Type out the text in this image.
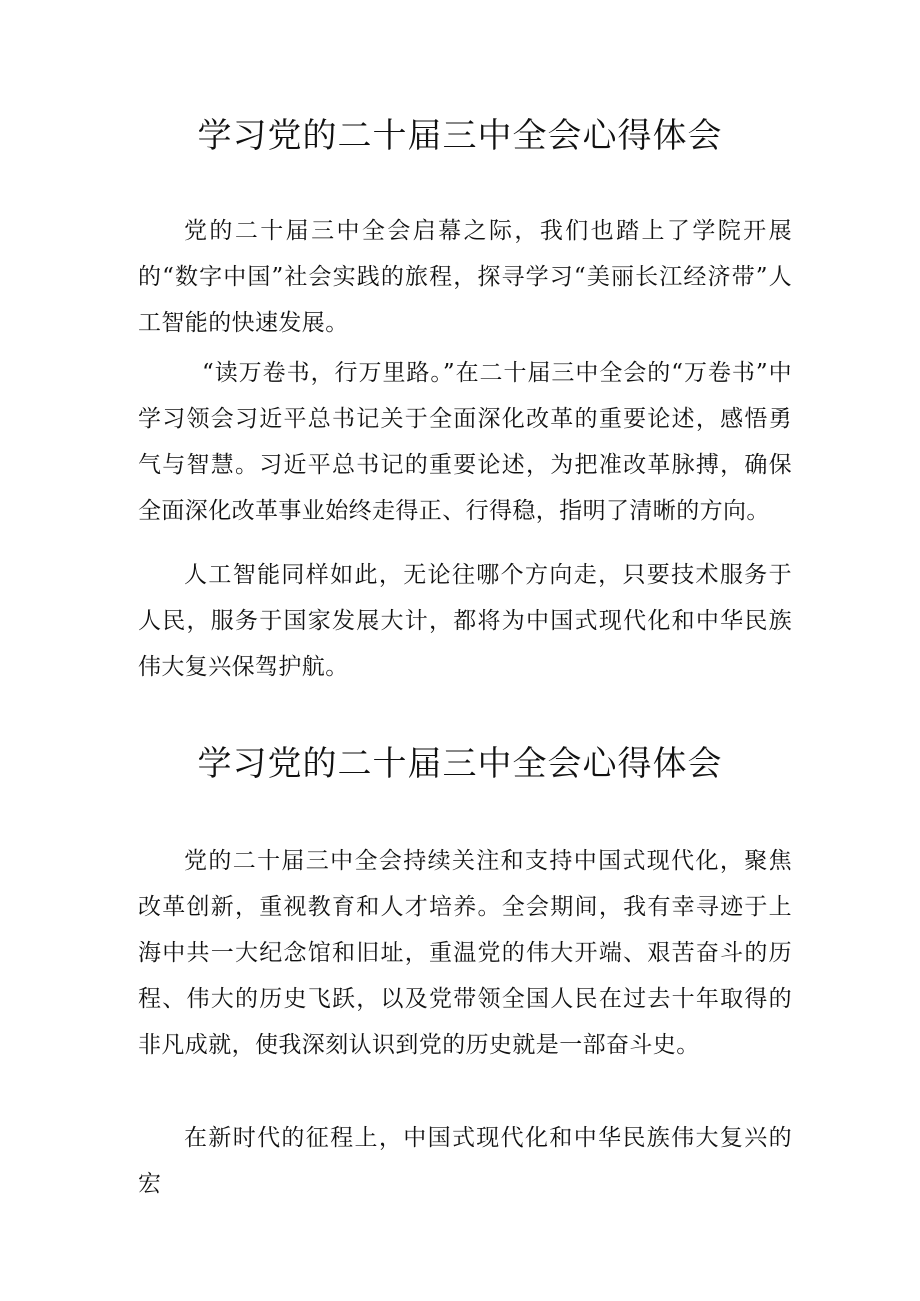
学习党的二十届三中全会心得体会

党的二十届三中全会启幕之际，我们也踏上了学院开展的“数字中国”社会实践的旅程，探寻学习“美丽长江经济带”人工智能的快速发展。

“读万卷书，行万里路。”在二十届三中全会的“万卷书”中学习领会习近平总书记关于全面深化改革的重要论述，感悟勇气与智慧。习近平总书记的重要论述，为把准改革脉搏，确保全面深化改革事业始终走得正、行得稳，指明了清晰的方向。

人工智能同样如此，无论往哪个方向走，只要技术服务于人民，服务于国家发展大计，都将为中国式现代化和中华民族伟大复兴保驾护航。

学习党的二十届三中全会心得体会

党的二十届三中全会持续关注和支持中国式现代化，聚焦改革创新，重视教育和人才培养。全会期间，我有幸寻迹于上海中共一大纪念馆和旧址，重温党的伟大开端、艰苦奋斗的历程、伟大的历史飞跃，以及党带领全国人民在过去十年取得的非凡成就，使我深刻认识到党的历史就是一部奋斗史。

在新时代的征程上，中国式现代化和中华民族伟大复兴的宏
